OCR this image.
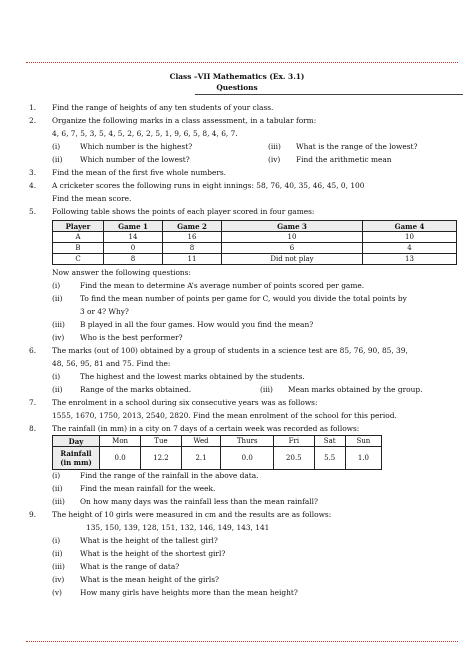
Class –VII Mathematics (Ex. 3.1)
Questions
1. Find the range of heights of any ten students of your class.
2. Organize the following marks in a class assessment, in a tabular form:
4, 6, 7, 5, 3, 5, 4, 5, 2, 6, 2, 5, 1, 9, 6, 5, 8, 4, 6, 7.
(i)	Which number is the highest?	(iii) What is the range of the lowest?
(ii) Which number of the lowest?	(iv) Find the arithmetic mean
3. Find the mean of the first five whole numbers.
4. A cricketer scores the following runs in eight innings: 58, 76, 40, 35, 46, 45, 0, 100
Find the mean score.
5. Following table shows the points of each player scored in four games:
Player	Game 1	Game 2	Game 3	Game 4
A	14	16	10	10
B	0	8	6	4
C	8	11	Did not play	13
Now answer the following questions:
(i)	Find the mean to determine A’s average number of points scored per game.
(ii) To find the mean number of points per game for C, would you divide the total points by
3 or 4? Why?
(iii) B played in all the four games. How would you find the mean?
(iv) Who is the best performer?
6. The marks (out of 100) obtained by a group of students in a science test are 85, 76, 90, 85, 39,
48, 56, 95, 81 and 75. Find the:
(i)	The highest and the lowest marks obtained by the students.
(ii) Range of the marks obtained.	(iii) Mean marks obtained by the group.
7. The enrolment in a school during six consecutive years was as follows:
1555, 1670, 1750, 2013, 2540, 2820. Find the mean enrolment of the school for this period.
8. The rainfall (in mm) in a city on 7 days of a certain week was recorded as follows:
Day	Mon	Tue	Wed	Thurs	Fri	Sat	Sun

Rainfall
(in mm)	0.0	12.2	2.1	0.0	20.5	5.5	1.0
(i)	Find the range of the rainfall in the above data.
(ii) Find the mean rainfall for the week.
(iii) On how many days was the rainfall less than the mean rainfall?
9. The height of 10 girls were measured in cm and the results are as follows:
135, 150, 139, 128, 151, 132, 146, 149, 143, 141
(i)	What is the height of the tallest girl?
(ii) What is the height of the shortest girl?
(iii) What is the range of data?
(iv) What is the mean height of the girls?
(v) How many girls have heights more than the mean height?
